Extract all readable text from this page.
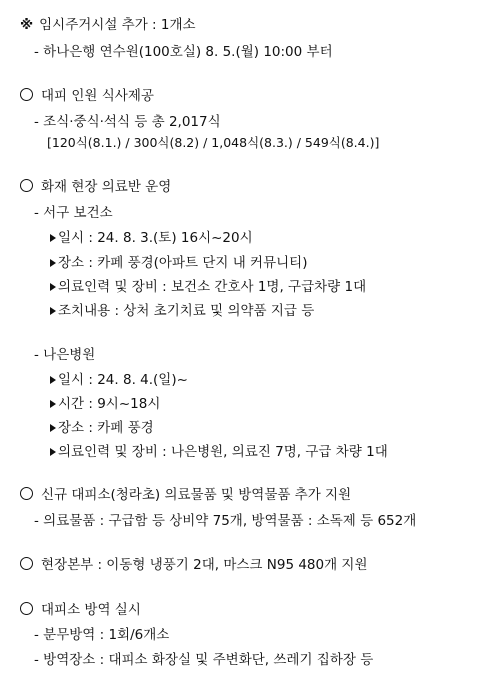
※ 임시주거시설 추가 : 1개소
- 하나은행 연수원(100호실) 8. 5.(월) 10:00 부터
대피 인원 식사제공
- 조식·중식·석식 등 총 2,017식
[120식(8.1.) / 300식(8.2) / 1,048식(8.3.) / 549식(8.4.)]
화재 현장 의료반 운영
- 서구 보건소
일시 : 24. 8. 3.(토) 16시~20시
장소 : 카페 풍경(아파트 단지 내 커뮤니티)
의료인력 및 장비 : 보건소 간호사 1명, 구급차량 1대
조치내용 : 상처 초기치료 및 의약품 지급 등
- 나은병원
일시 : 24. 8. 4.(일)~
시간 : 9시~18시
장소 : 카페 풍경
의료인력 및 장비 : 나은병원, 의료진 7명, 구급 차량 1대
신규 대피소(청라초) 의료물품 및 방역물품 추가 지원
- 의료물품 : 구급함 등 상비약 75개, 방역물품 : 소독제 등 652개
현장본부 : 이동형 냉풍기 2대, 마스크 N95 480개 지원
대피소 방역 실시
- 분무방역 : 1회/6개소
- 방역장소 : 대피소 화장실 및 주변화단, 쓰레기 집하장 등
